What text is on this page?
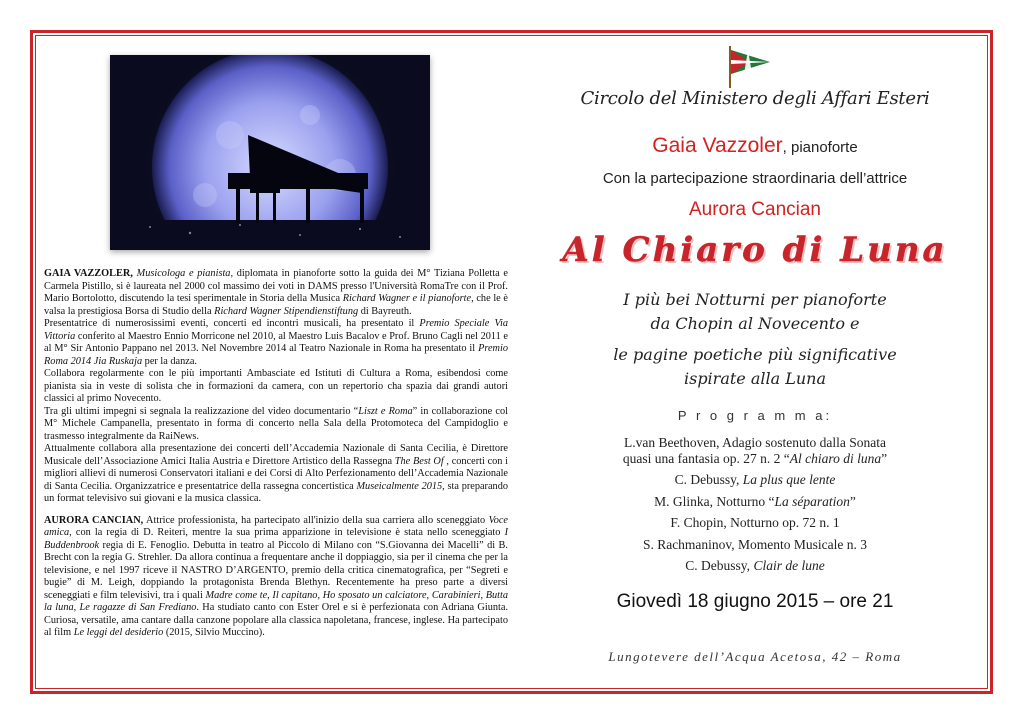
GAIA VAZZOLER, Musicologa e pianista, diplomata in pianoforte sotto la guida dei M° Tiziana Polletta e Carmela Pistillo, si è laureata nel 2000 col massimo dei voti in DAMS presso l'Università RomaTre con il Prof. Mario Bortolotto, discutendo la tesi sperimentale in Storia della Musica Richard Wagner e il pianoforte, che le è valsa la prestigiosa Borsa di Studio della Richard Wagner Stipendienstiftung di Bayreuth.

Presentatrice di numerosissimi eventi, concerti ed incontri musicali, ha presentato il Premio Speciale Via Vittoria conferito al Maestro Ennio Morricone nel 2010, al Maestro Luis Bacalov e Prof. Bruno Cagli nel 2011 e al M° Sir Antonio Pappano nel 2013. Nel Novembre 2014 al Teatro Nazionale in Roma ha presentato il Premio Roma 2014 Jia Ruskaja per la danza.

Collabora regolarmente con le più importanti Ambasciate ed Istituti di Cultura a Roma, esibendosi come pianista sia in veste di solista che in formazioni da camera, con un repertorio cha spazia dai grandi autori classici al primo Novecento.

Tra gli ultimi impegni si segnala la realizzazione del video documentario “Liszt e Roma” in collaborazione col M° Michele Campanella, presentato in forma di concerto nella Sala della Protomoteca del Campidoglio e trasmesso integralmente da RaiNews.

Attualmente collabora alla presentazione dei concerti dell’Accademia Nazionale di Santa Cecilia, è Direttore Musicale dell’Associazione Amici Italia Austria e Direttore Artistico della Rassegna The Best Of , concerti con i migliori allievi di numerosi Conservatori italiani e dei Corsi di Alto Perfezionamento dell’Accademia Nazionale di Santa Cecilia. Organizzatrice e presentatrice della rassegna concertistica Museicalmente 2015, sta preparando un format televisivo sui giovani e la musica classica.

AURORA CANCIAN, Attrice professionista, ha partecipato all'inizio della sua carriera allo sceneggiato Voce amica, con la regia di D. Reiteri, mentre la sua prima apparizione in televisione è stata nello sceneggiato I Buddenbrook regia di E. Fenoglio. Debutta in teatro al Piccolo di Milano con “S.Giovanna dei Macelli” di B. Brecht con la regia G. Strehler. Da allora continua a frequentare anche il doppiaggio, sia per il cinema che per la televisione, e nel 1997 riceve il NASTRO D’ARGENTO, premio della critica cinematografica, per “Segreti e bugie” di M. Leigh, doppiando la protagonista Brenda Blethyn. Recentemente ha preso parte a diversi sceneggiati e film televisivi, tra i quali Madre come te, Il capitano, Ho sposato un calciatore, Carabinieri, Butta la luna, Le ragazze di San Frediano. Ha studiato canto con Ester Orel e si è perfezionata con Adriana Giunta. Curiosa, versatile, ama cantare dalla canzone popolare alla classica napoletana, francese, inglese. Ha partecipato al film Le leggi del desiderio (2015, Silvio Muccino).

Circolo del Ministero degli Affari Esteri
Gaia Vazzoler, pianoforte
Con la partecipazione straordinaria dell’attrice
Aurora Cancian
Al Chiaro di Luna
I più bei Notturni per pianoforte
da Chopin al Novecento e
le pagine poetiche più significative
ispirate alla Luna
P r o g r a m m a:
L.van Beethoven, Adagio sostenuto dalla Sonata
quasi una fantasia op. 27 n. 2 “Al chiaro di luna”
C. Debussy, La plus que lente
M. Glinka, Notturno “La séparation”
F. Chopin, Notturno op. 72 n. 1
S. Rachmaninov, Momento Musicale n. 3
C. Debussy, Clair de lune
Giovedì 18 giugno 2015 – ore 21
Lungotevere dell’Acqua Acetosa, 42 – Roma
